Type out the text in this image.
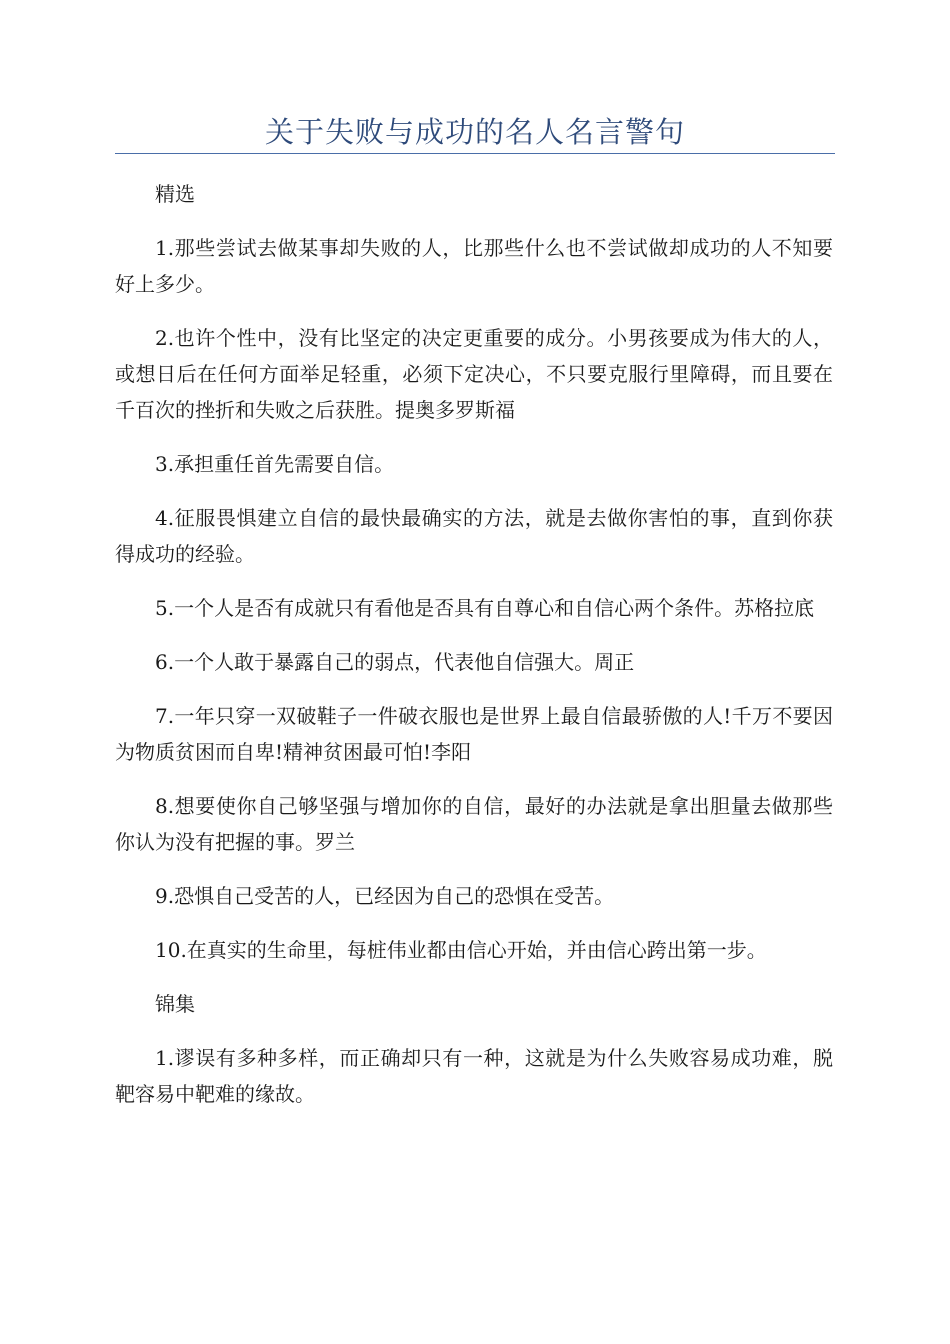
关于失败与成功的名人名言警句

精选

1.那些尝试去做某事却失败的人，比那些什么也不尝试做却成功的人不知要好上多少。

2.也许个性中，没有比坚定的决定更重要的成分。小男孩要成为伟大的人，或想日后在任何方面举足轻重，必须下定决心，不只要克服行里障碍，而且要在千百次的挫折和失败之后获胜。提奥多罗斯福

3.承担重任首先需要自信。

4.征服畏惧建立自信的最快最确实的方法，就是去做你害怕的事，直到你获得成功的经验。

5.一个人是否有成就只有看他是否具有自尊心和自信心两个条件。苏格拉底

6.一个人敢于暴露自己的弱点，代表他自信强大。周正

7.一年只穿一双破鞋子一件破衣服也是世界上最自信最骄傲的人!千万不要因为物质贫困而自卑!精神贫困最可怕!李阳

8.想要使你自己够坚强与增加你的自信，最好的办法就是拿出胆量去做那些你认为没有把握的事。罗兰

9.恐惧自己受苦的人，已经因为自己的恐惧在受苦。

10.在真实的生命里，每桩伟业都由信心开始，并由信心跨出第一步。

锦集

1.谬误有多种多样，而正确却只有一种，这就是为什么失败容易成功难，脱靶容易中靶难的缘故。
